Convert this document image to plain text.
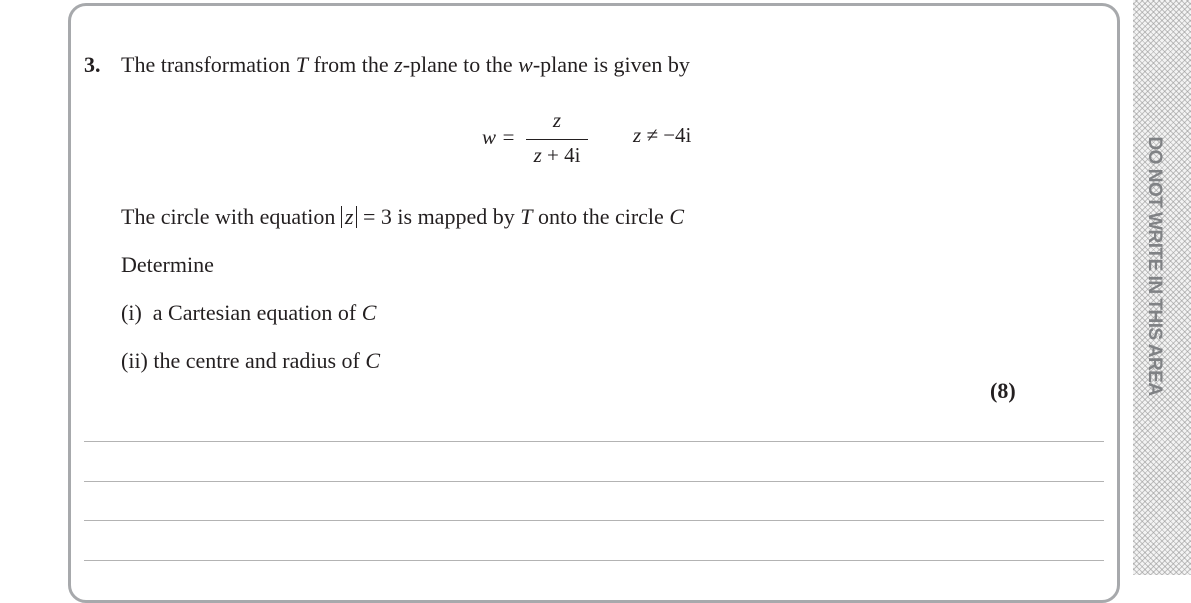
DO NOT WRITE IN THIS AREA
3. The transformation T from the z-plane to the w-plane is given by
w =
z
z + 4i
z ≠ −4i
The circle with equation z = 3 is mapped by T onto the circle C
Determine
(i)  a Cartesian equation of C
(ii) the centre and radius of C
(8)
